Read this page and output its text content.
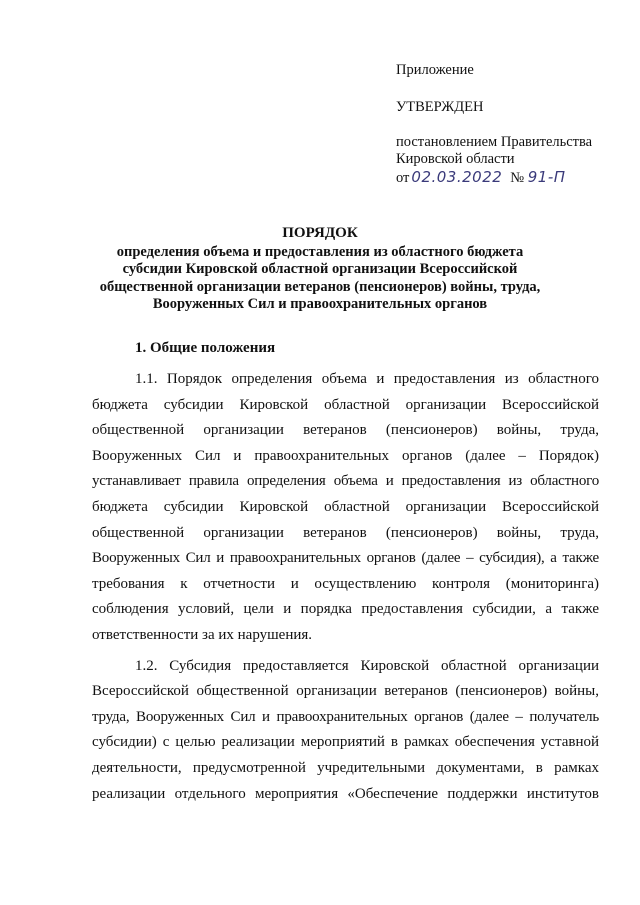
Приложение
УТВЕРЖДЕН
постановлением Правительства
Кировской области
от 02.03.2022 № 91-П
ПОРЯДОК
определения объема и предоставления из областного бюджета
субсидии Кировской областной организации Всероссийской
общественной организации ветеранов (пенсионеров) войны, труда,
Вооруженных Сил и правоохранительных органов
1. Общие положения
1.1. Порядок определения объема и предоставления из областного
бюджета субсидии Кировской областной организации Всероссийской
общественной организации ветеранов (пенсионеров) войны, труда,
Вооруженных Сил и правоохранительных органов (далее – Порядок)
устанавливает правила определения объема и предоставления из областного
бюджета субсидии Кировской областной организации Всероссийской
общественной организации ветеранов (пенсионеров) войны, труда,
Вооруженных Сил и правоохранительных органов (далее – субсидия), а также
требования к отчетности и осуществлению контроля (мониторинга)
соблюдения условий, цели и порядка предоставления субсидии, а также
ответственности за их нарушения.
1.2. Субсидия предоставляется Кировской областной организации
Всероссийской общественной организации ветеранов (пенсионеров) войны,
труда, Вооруженных Сил и правоохранительных органов (далее – получатель
субсидии) с целью реализации мероприятий в рамках обеспечения уставной
деятельности, предусмотренной учредительными документами, в рамках
реализации отдельного мероприятия «Обеспечение поддержки институтов
